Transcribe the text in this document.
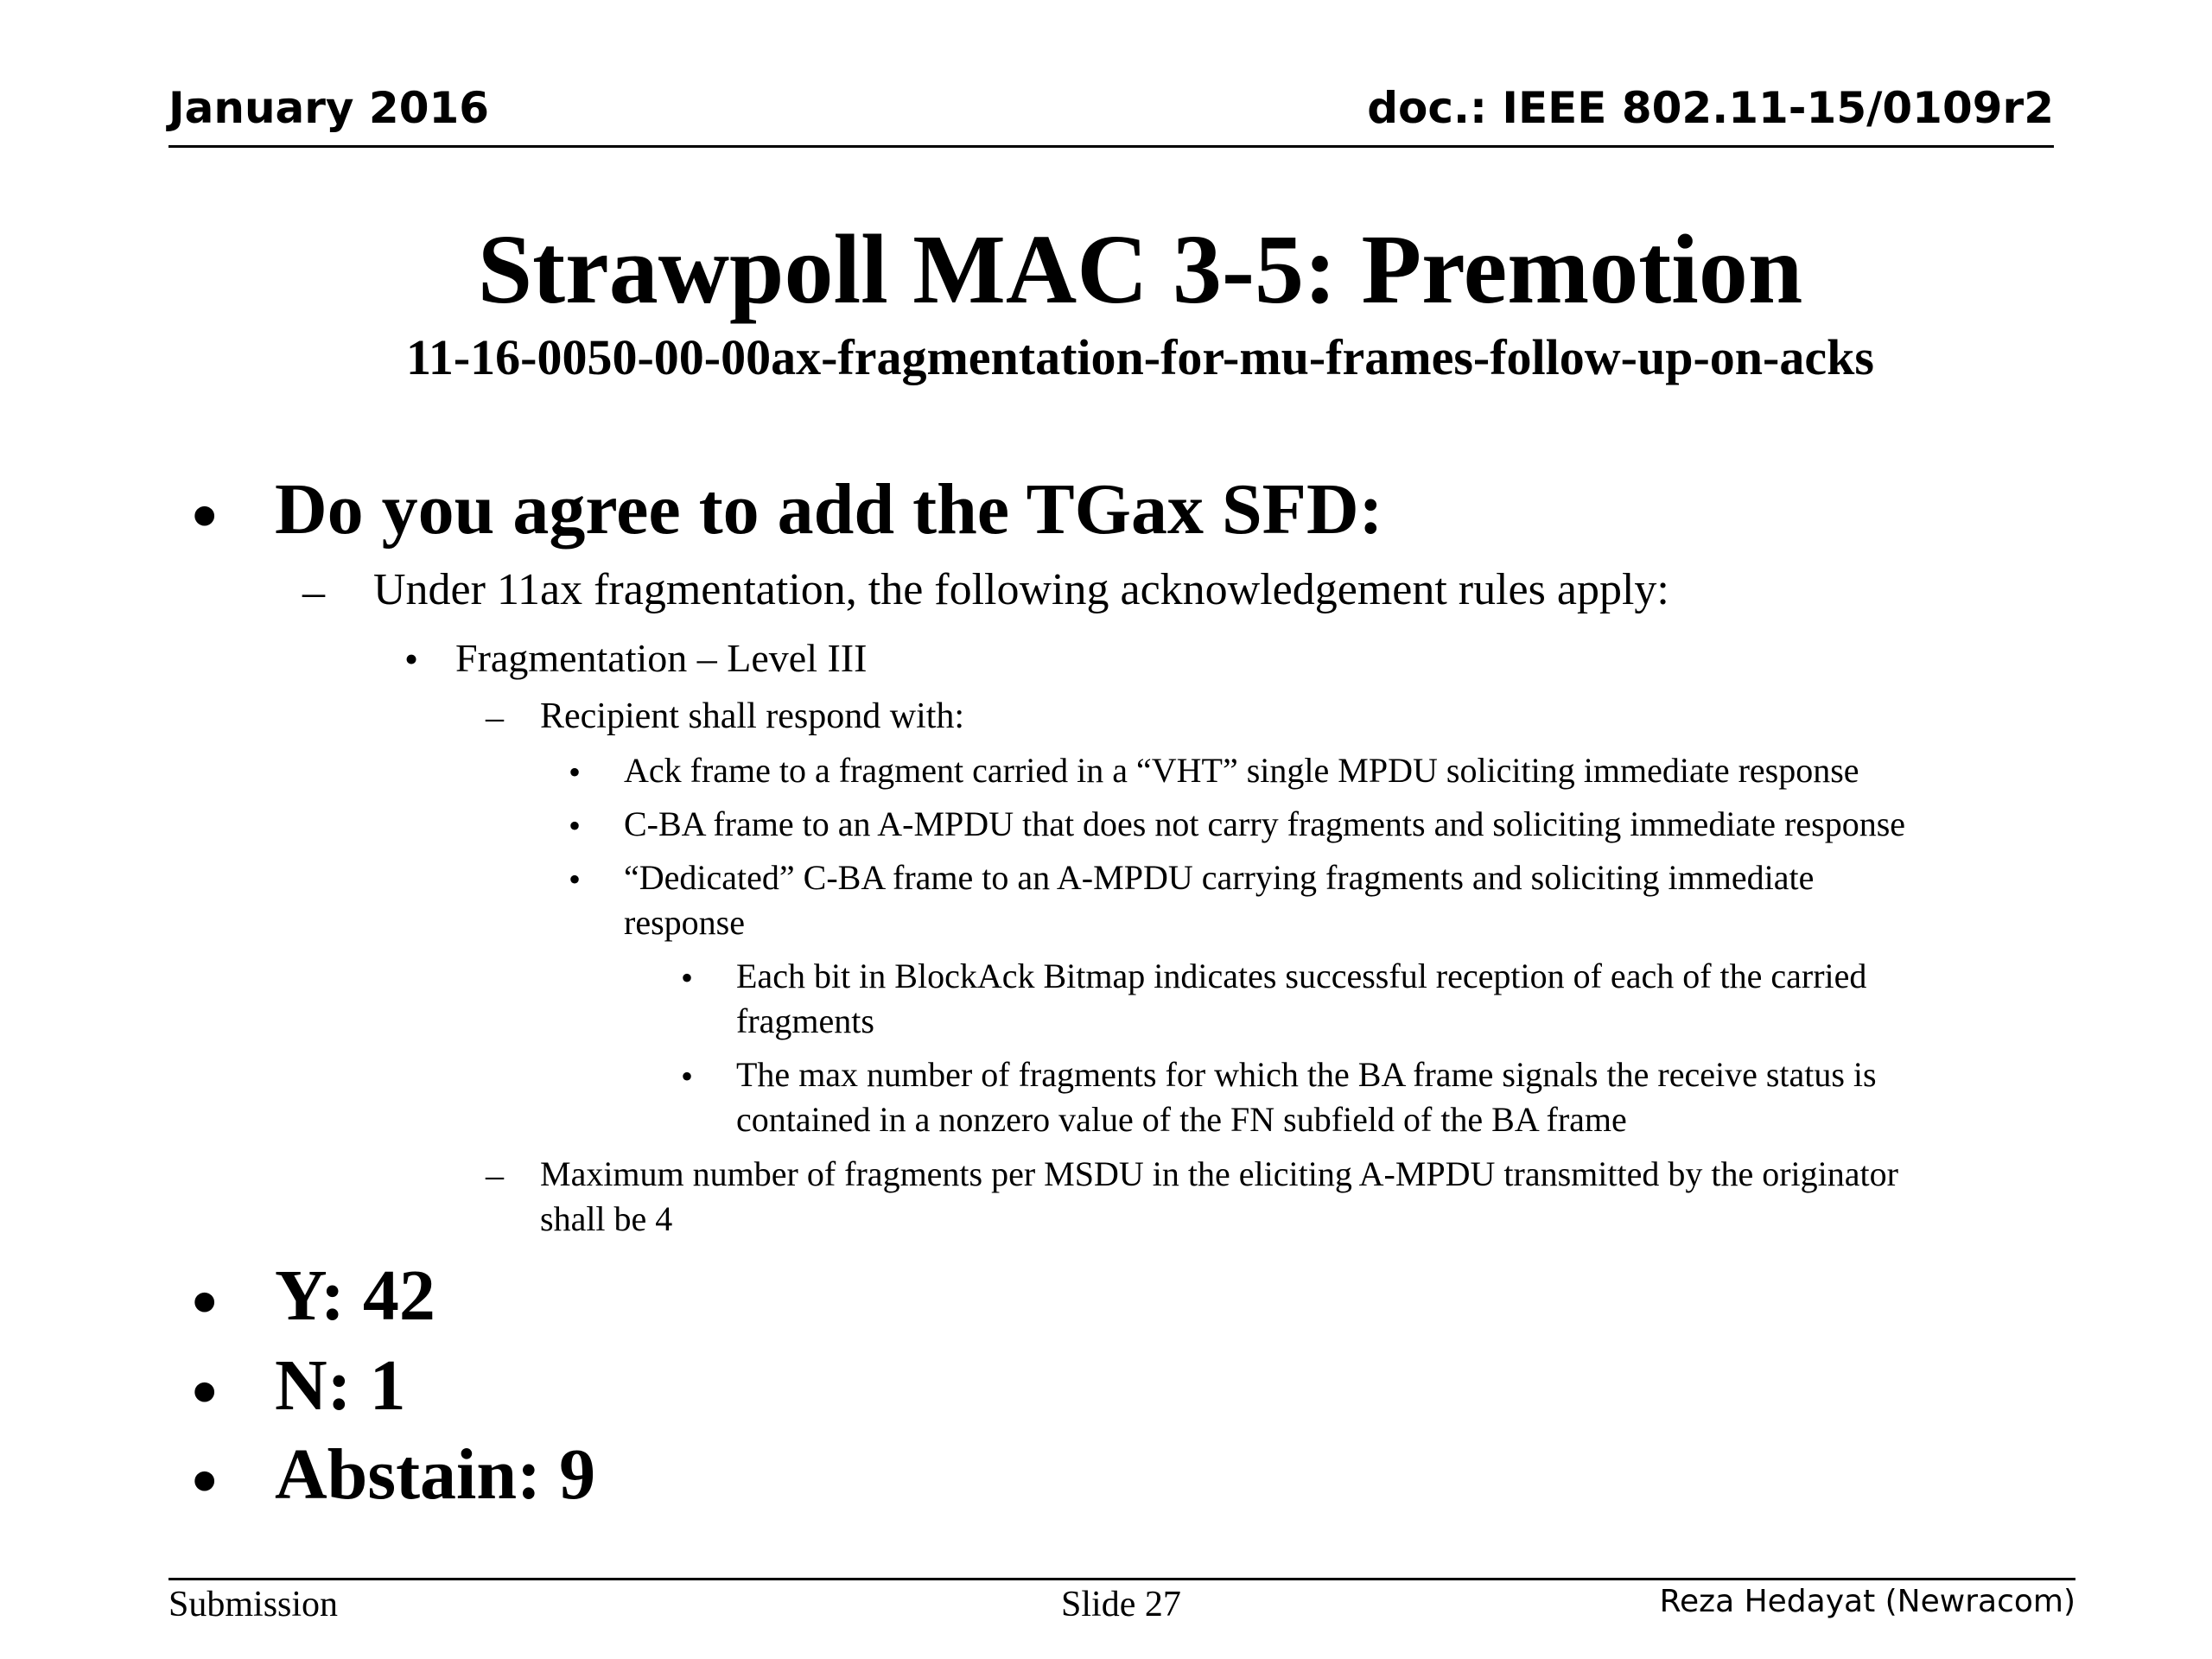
January 2016	doc.: IEEE 802.11-15/0109r2
Strawpoll MAC 3-5: Premotion
11-16-0050-00-00ax-fragmentation-for-mu-frames-follow-up-on-acks
• Do you agree to add the TGax SFD:
– Under 11ax fragmentation, the following acknowledgement rules apply:
• Fragmentation – Level III
– Recipient shall respond with:
• Ack frame to a fragment carried in a “VHT” single MPDU soliciting immediate response
• C-BA frame to an A-MPDU that does not carry fragments and soliciting immediate response
• “Dedicated” C-BA frame to an A-MPDU carrying fragments and soliciting immediate
response
• Each bit in BlockAck Bitmap indicates successful reception of each of the carried
fragments
• The max number of fragments for which the BA frame signals the receive status is
contained in a nonzero value of the FN subfield of the BA frame
– Maximum number of fragments per MSDU in the eliciting A-MPDU transmitted by the originator
shall be 4
• Y: 42
• N: 1
• Abstain: 9
Submission	Slide 27	Reza Hedayat (Newracom)
